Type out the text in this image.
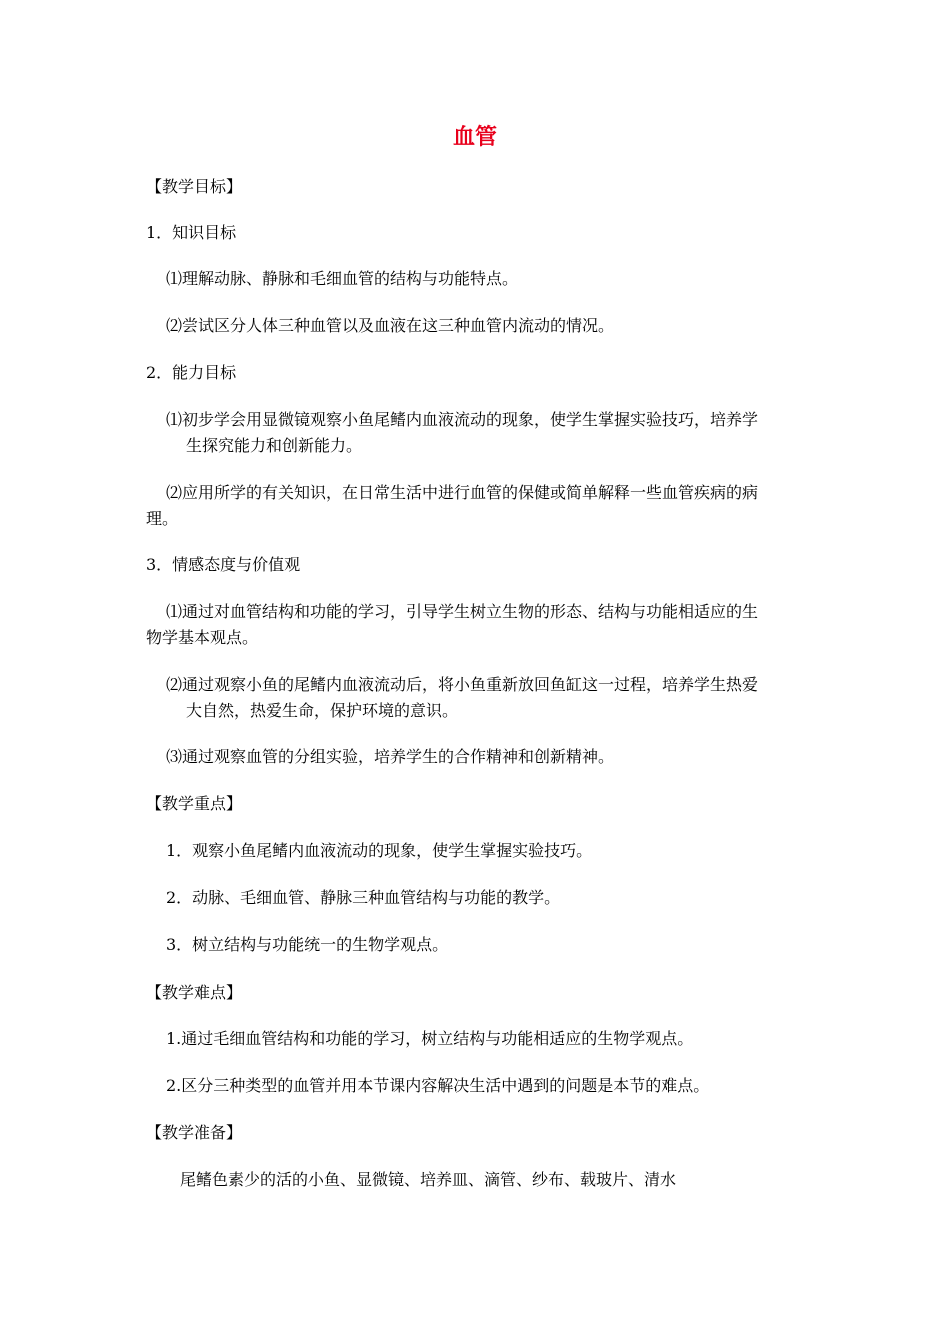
血管
【教学目标】
1．知识目标
⑴理解动脉、静脉和毛细血管的结构与功能特点。
⑵尝试区分人体三种血管以及血液在这三种血管内流动的情况。
2．能力目标
⑴初步学会用显微镜观察小鱼尾鳍内血液流动的现象，使学生掌握实验技巧，培养学
生探究能力和创新能力。
⑵应用所学的有关知识，在日常生活中进行血管的保健或简单解释一些血管疾病的病
理。
3．情感态度与价值观
⑴通过对血管结构和功能的学习，引导学生树立生物的形态、结构与功能相适应的生
物学基本观点。
⑵通过观察小鱼的尾鳍内血液流动后，将小鱼重新放回鱼缸这一过程，培养学生热爱
大自然，热爱生命，保护环境的意识。
⑶通过观察血管的分组实验，培养学生的合作精神和创新精神。
【教学重点】
1．观察小鱼尾鳍内血液流动的现象，使学生掌握实验技巧。
2．动脉、毛细血管、静脉三种血管结构与功能的教学。
3．树立结构与功能统一的生物学观点。
【教学难点】
1.通过毛细血管结构和功能的学习，树立结构与功能相适应的生物学观点。
2.区分三种类型的血管并用本节课内容解决生活中遇到的问题是本节的难点。
【教学准备】
尾鳍色素少的活的小鱼、显微镜、培养皿、滴管、纱布、载玻片、清水
